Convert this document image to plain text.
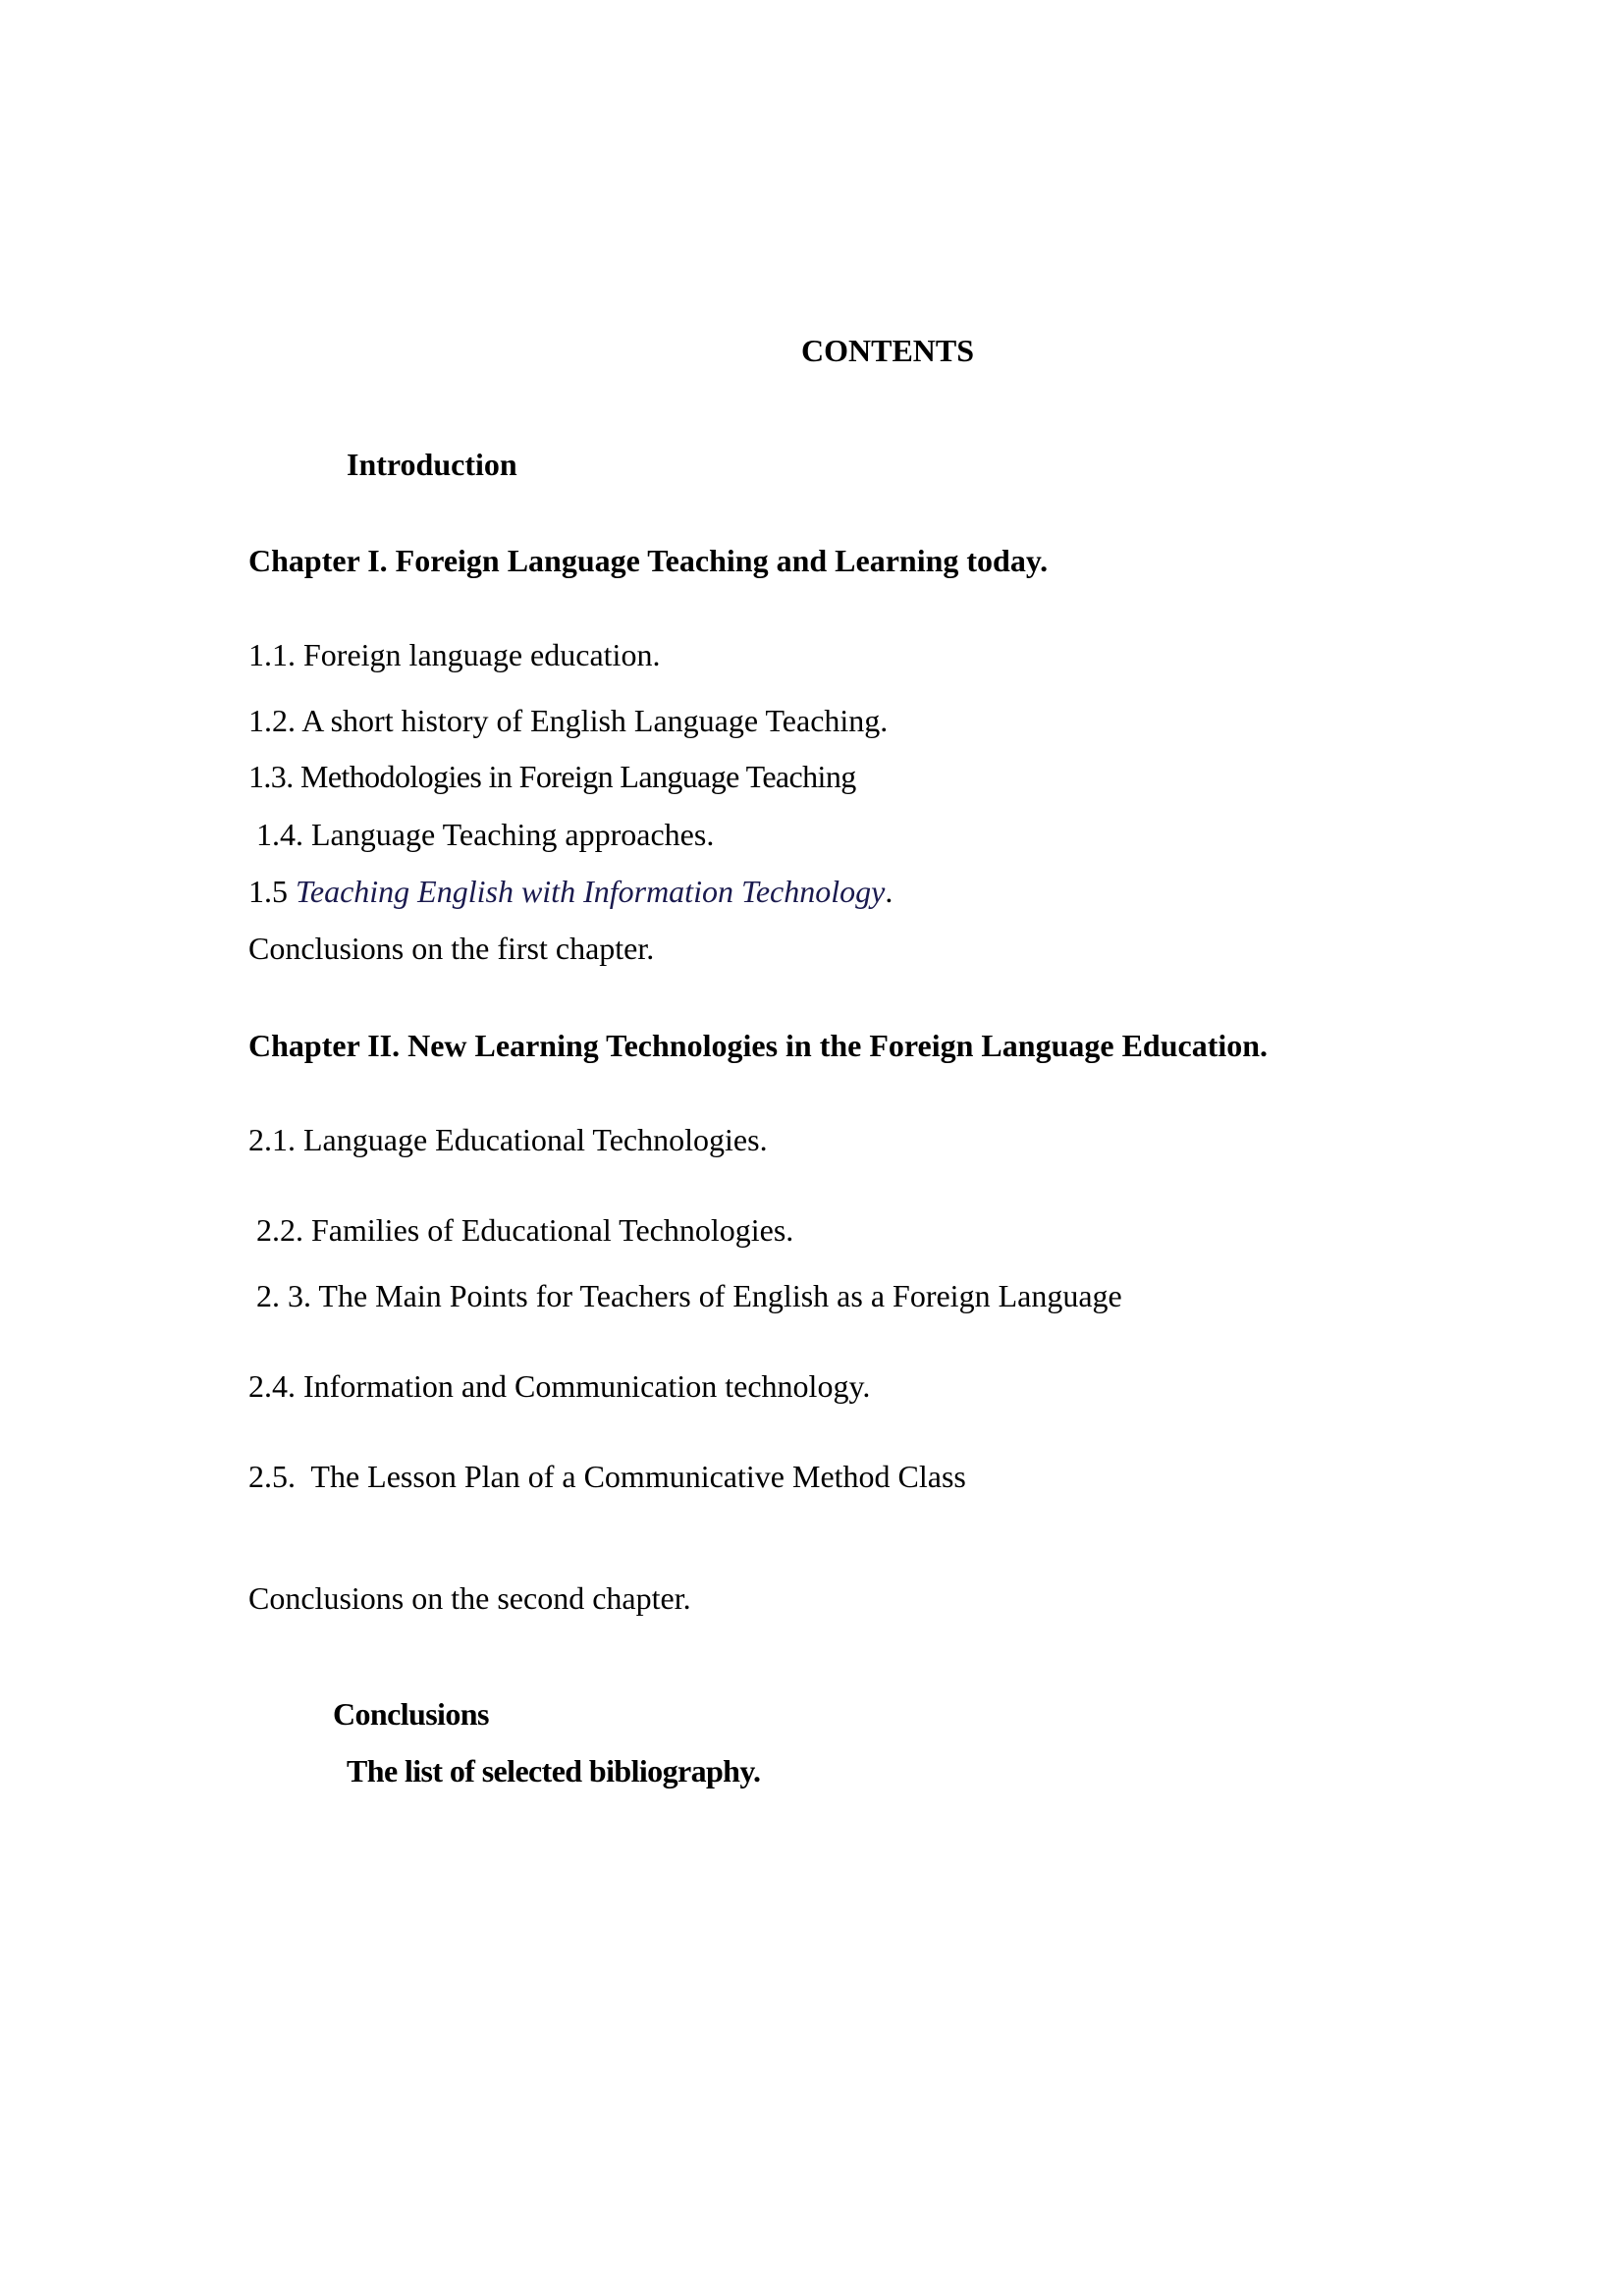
CONTENTS
Introduction
Chapter I. Foreign Language Teaching and Learning today.
1.1. Foreign language education.
1.2. A short history of English Language Teaching.
1.3. Methodologies in Foreign Language Teaching
1.4. Language Teaching approaches.
1.5 Teaching English with Information Technology.
Conclusions on the first chapter.
Chapter II. New Learning Technologies in the Foreign Language Education.
2.1. Language Educational Technologies.
2.2. Families of Educational Technologies.
2. 3. The Main Points for Teachers of English as a Foreign Language
2.4. Information and Communication technology.
2.5.  The Lesson Plan of a Communicative Method Class
Conclusions on the second chapter.
Conclusions
The list of selected bibliography.
